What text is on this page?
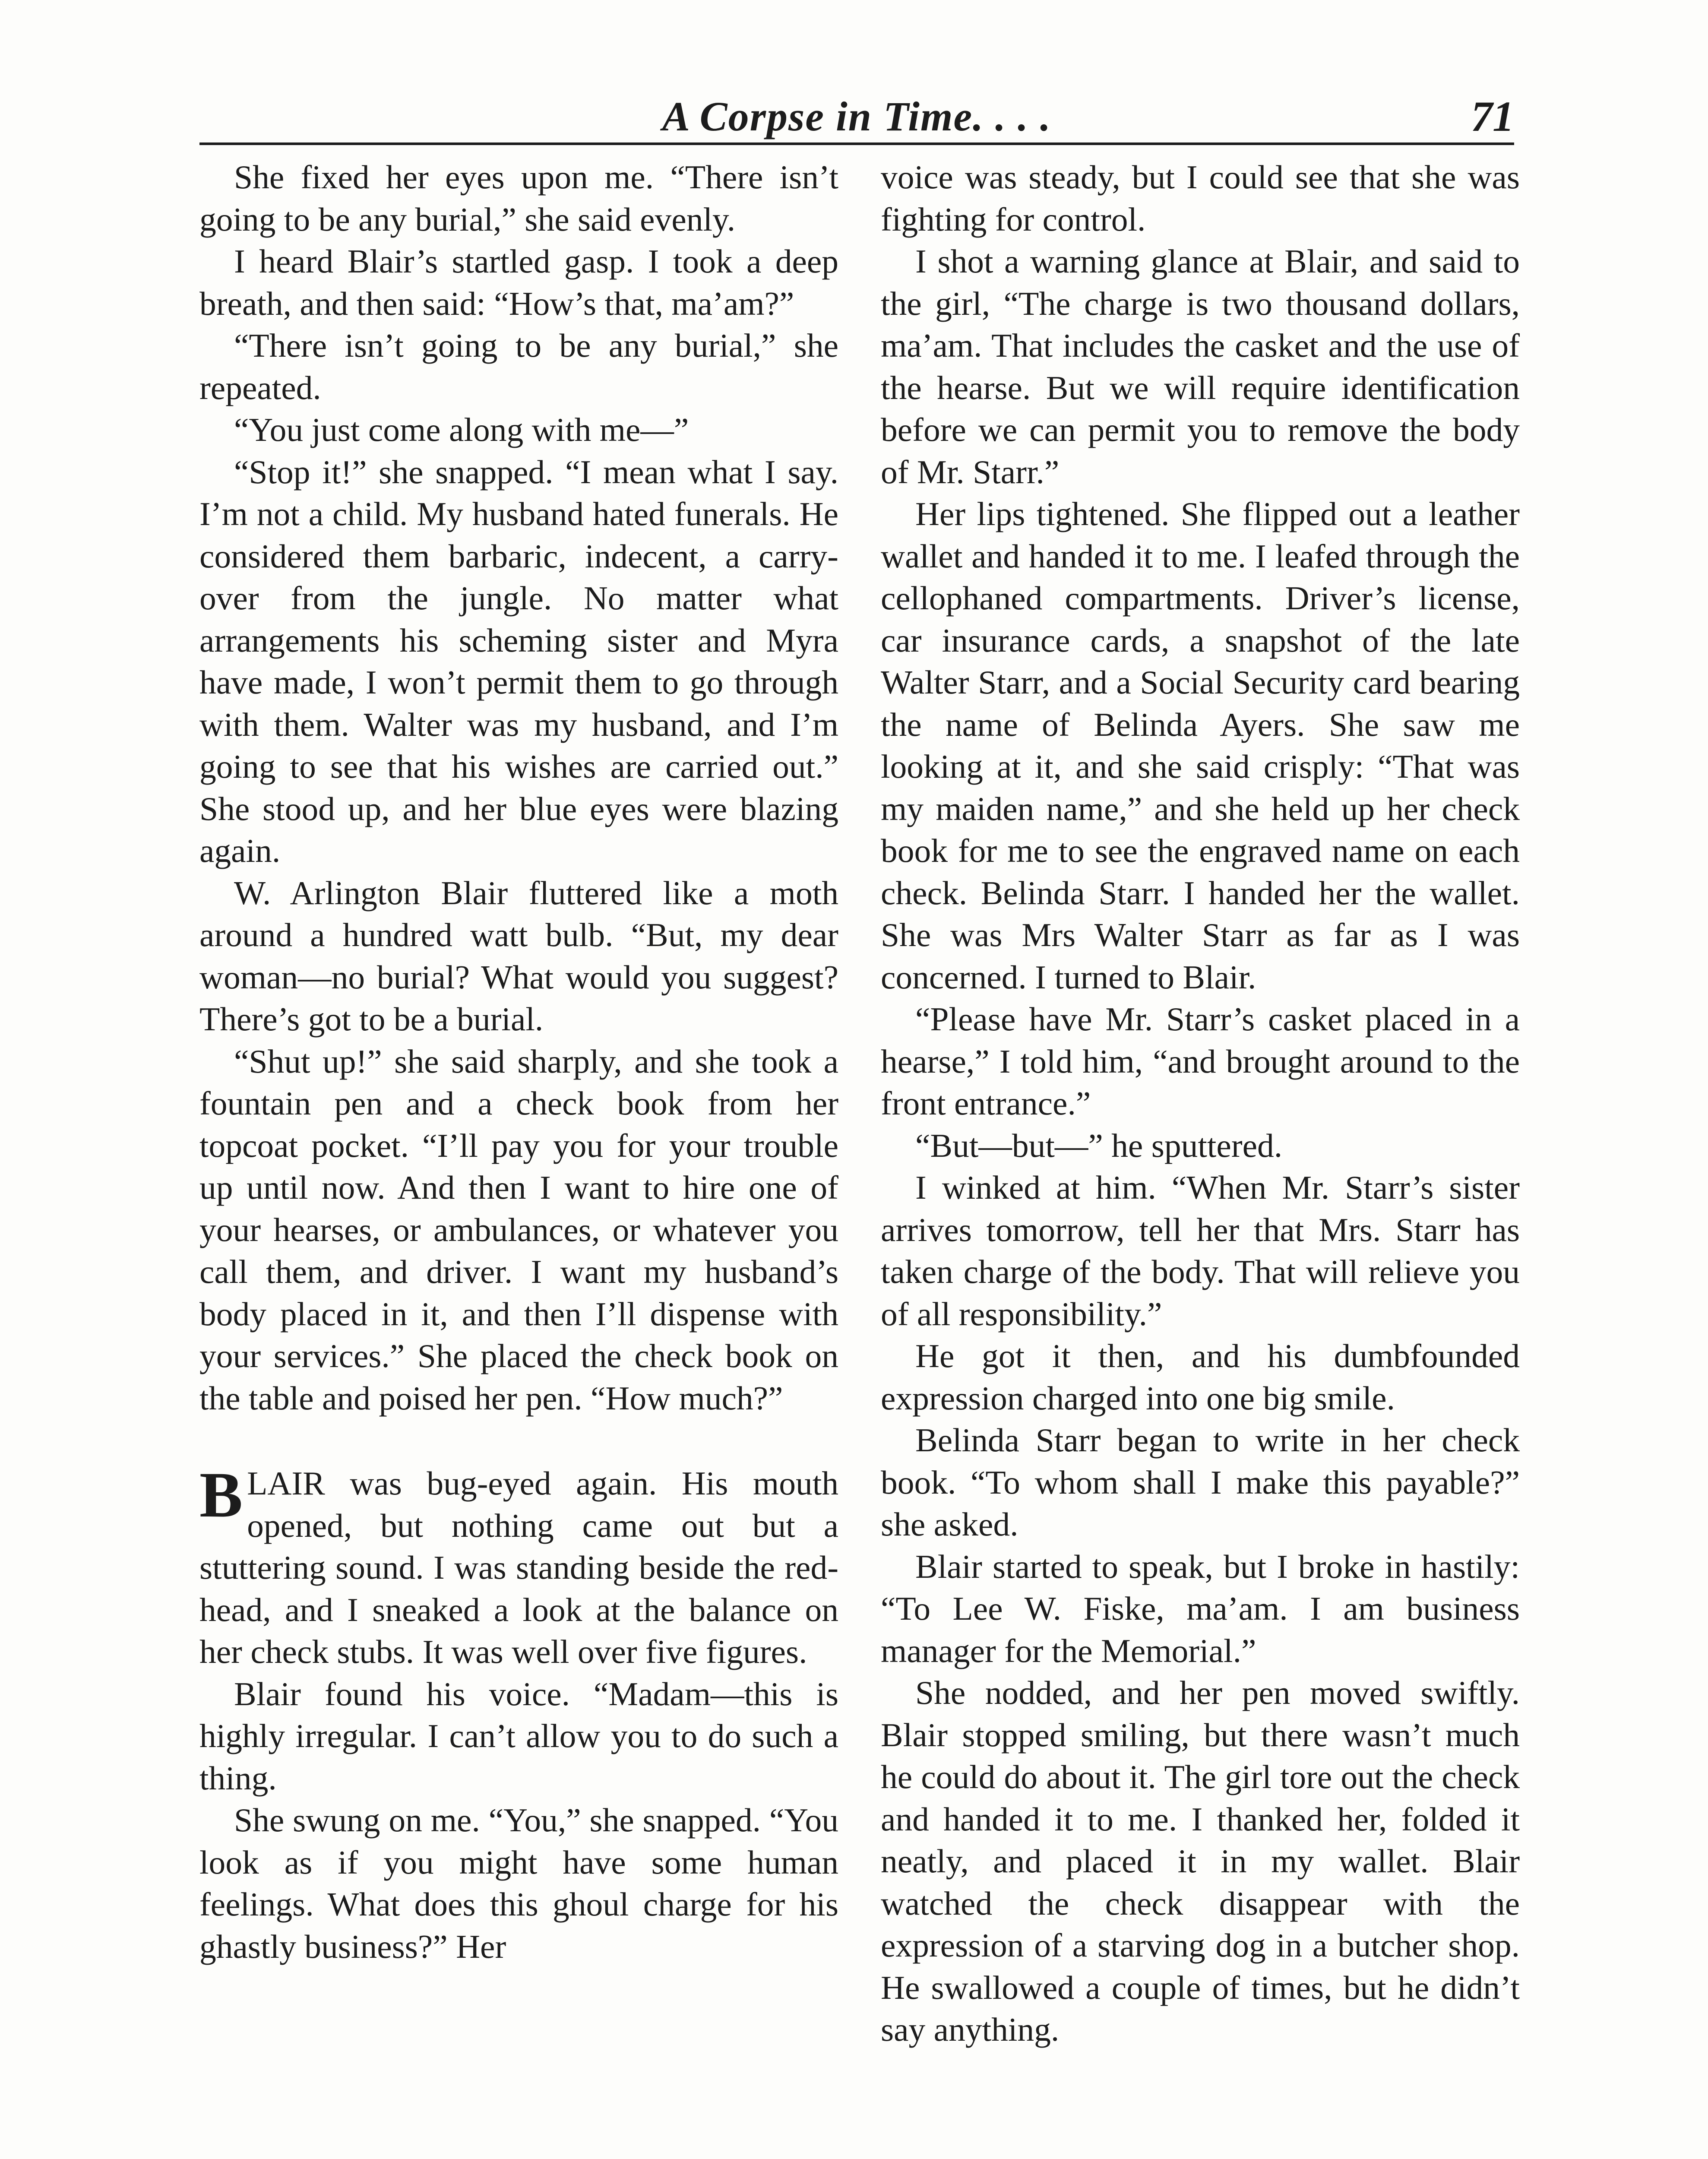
A Corpse in Time. . . .	71

She fixed her eyes upon me. “There isn’t going to be any burial,” she said evenly.

I heard Blair’s startled gasp. I took a deep breath, and then said: “How’s that, ma’am?”

“There isn’t going to be any burial,” she repeated.

“You just come along with me—”

“Stop it!” she snapped. “I mean what I say. I’m not a child. My husband hated funerals. He considered them barbaric, indecent, a carry-over from the jungle. No matter what arrangements his scheming sister and Myra have made, I won’t permit them to go through with them. Walter was my husband, and I’m going to see that his wishes are carried out.” She stood up, and her blue eyes were blazing again.

W. Arlington Blair fluttered like a moth around a hundred watt bulb. “But, my dear woman—no burial? What would you suggest? There’s got to be a burial.

“Shut up!” she said sharply, and she took a fountain pen and a check book from her topcoat pocket. “I’ll pay you for your trouble up until now. And then I want to hire one of your hearses, or ambulances, or whatever you call them, and driver. I want my husband’s body placed in it, and then I’ll dispense with your services.” She placed the check book on the table and poised her pen. “How much?”

BLAIR was bug-eyed again. His mouth opened, but nothing came out but a stuttering sound. I was standing beside the red-head, and I sneaked a look at the balance on her check stubs. It was well over five figures.

Blair found his voice. “Madam—this is highly irregular. I can’t allow you to do such a thing.

She swung on me. “You,” she snapped. “You look as if you might have some human feelings. What does this ghoul charge for his ghastly business?” Her

voice was steady, but I could see that she was fighting for control.

I shot a warning glance at Blair, and said to the girl, “The charge is two thousand dollars, ma’am. That includes the casket and the use of the hearse. But we will require identification before we can permit you to remove the body of Mr. Starr.”

Her lips tightened. She flipped out a leather wallet and handed it to me. I leafed through the cellophaned compartments. Driver’s license, car insurance cards, a snapshot of the late Walter Starr, and a Social Security card bearing the name of Belinda Ayers. She saw me looking at it, and she said crisply: “That was my maiden name,” and she held up her check book for me to see the engraved name on each check. Belinda Starr. I handed her the wallet. She was Mrs Walter Starr as far as I was concerned. I turned to Blair.

“Please have Mr. Starr’s casket placed in a hearse,” I told him, “and brought around to the front entrance.”

“But—but—” he sputtered.

I winked at him. “When Mr. Starr’s sister arrives tomorrow, tell her that Mrs. Starr has taken charge of the body. That will relieve you of all responsibility.”

He got it then, and his dumbfounded expression charged into one big smile.

Belinda Starr began to write in her check book. “To whom shall I make this payable?” she asked.

Blair started to speak, but I broke in hastily: “To Lee W. Fiske, ma’am. I am business manager for the Memorial.”

She nodded, and her pen moved swiftly. Blair stopped smiling, but there wasn’t much he could do about it. The girl tore out the check and handed it to me. I thanked her, folded it neatly, and placed it in my wallet. Blair watched the check disappear with the expression of a starving dog in a butcher shop. He swallowed a couple of times, but he didn’t say anything.
